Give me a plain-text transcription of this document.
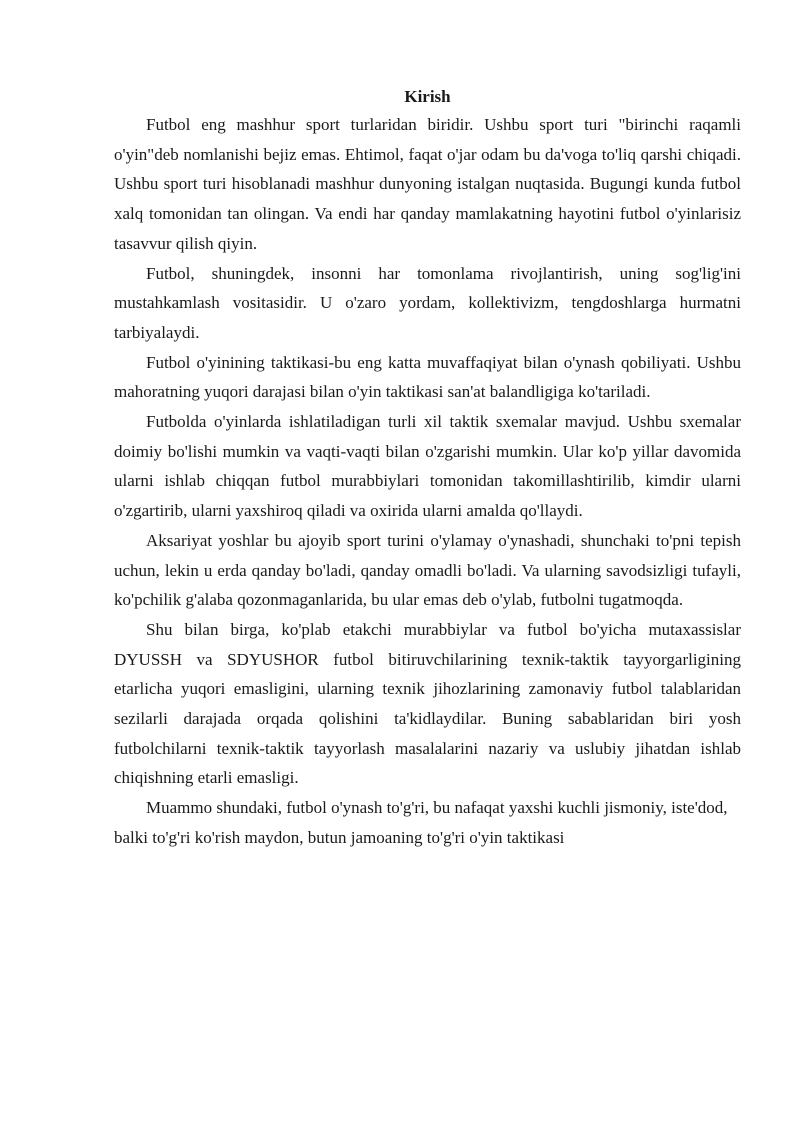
Kirish

Futbol eng mashhur sport turlaridan biridir. Ushbu sport turi "birinchi raqamli o'yin"deb nomlanishi bejiz emas. Ehtimol, faqat o'jar odam bu da'voga to'liq qarshi chiqadi. Ushbu sport turi hisoblanadi mashhur dunyoning istalgan nuqtasida. Bugungi kunda futbol xalq tomonidan tan olingan. Va endi har qanday mamlakatning hayotini futbol o'yinlarisiz tasavvur qilish qiyin.

Futbol, shuningdek, insonni har tomonlama rivojlantirish, uning sog'lig'ini mustahkamlash vositasidir. U o'zaro yordam, kollektivizm, tengdoshlarga hurmatni tarbiyalaydi.

Futbol o'yinining taktikasi-bu eng katta muvaffaqiyat bilan o'ynash qobiliyati. Ushbu mahoratning yuqori darajasi bilan o'yin taktikasi san'at balandligiga ko'tariladi.

Futbolda o'yinlarda ishlatiladigan turli xil taktik sxemalar mavjud. Ushbu sxemalar doimiy bo'lishi mumkin va vaqti-vaqti bilan o'zgarishi mumkin. Ular ko'p yillar davomida ularni ishlab chiqqan futbol murabbiylari tomonidan takomillashtirilib, kimdir ularni o'zgartirib, ularni yaxshiroq qiladi va oxirida ularni amalda qo'llaydi.

Aksariyat yoshlar bu ajoyib sport turini o'ylamay o'ynashadi, shunchaki to'pni tepish uchun, lekin u erda qanday bo'ladi, qanday omadli bo'ladi. Va ularning savodsizligi tufayli, ko'pchilik g'alaba qozonmaganlarida, bu ular emas deb o'ylab, futbolni tugatmoqda.

Shu bilan birga, ko'plab etakchi murabbiylar va futbol bo'yicha mutaxassislar DYUSSH va SDYUSHOR futbol bitiruvchilarining texnik-taktik tayyorgarligining etarlicha yuqori emasligini, ularning texnik jihozlarining zamonaviy futbol talablaridan sezilarli darajada orqada qolishini ta'kidlaydilar. Buning sabablaridan biri yosh futbolchilarni texnik-taktik tayyorlash masalalarini nazariy va uslubiy jihatdan ishlab chiqishning etarli emasligi.

Muammo shundaki, futbol o'ynash to'g'ri, bu nafaqat yaxshi kuchli jismoniy, iste'dod, balki to'g'ri ko'rish maydon, butun jamoaning to'g'ri o'yin taktikasi
